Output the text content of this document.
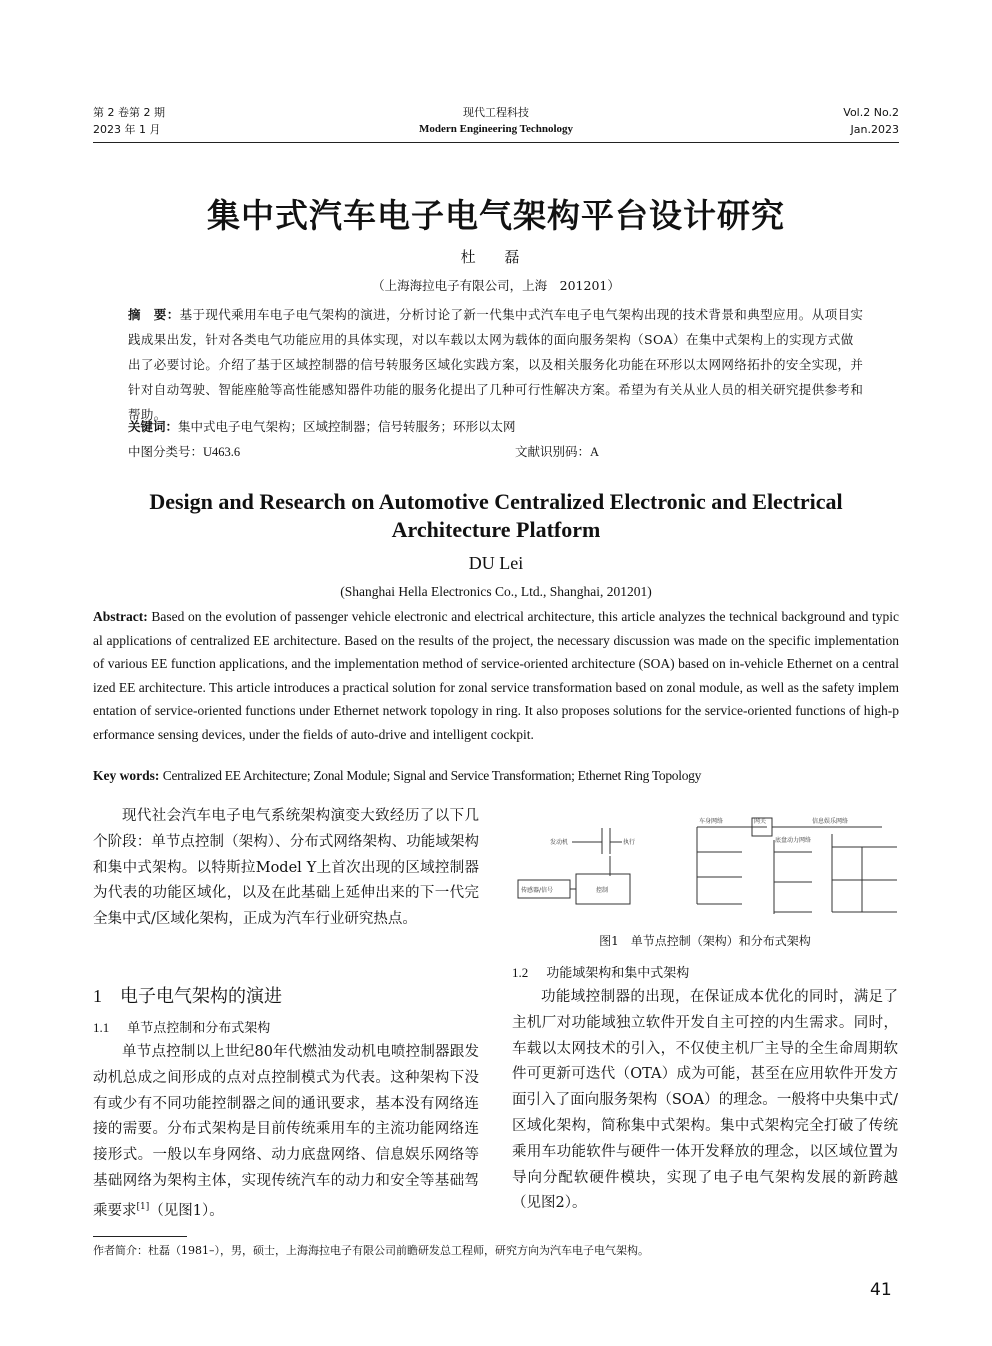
第 2 卷第 2 期
2023 年 1 月
现代工程科技
Modern Engineering Technology
Vol.2 No.2
Jan.2023
集中式汽车电子电气架构平台设计研究
杜 磊
（上海海拉电子有限公司，上海　201201）
摘　要：基于现代乘用车电子电气架构的演进，分析讨论了新一代集中式汽车电子电气架构出现的技术背景和典型应用。从项目实践成果出发，针对各类电气功能应用的具体实现，对以车载以太网为载体的面向服务架构（SOA）在集中式架构上的实现方式做出了必要讨论。介绍了基于区域控制器的信号转服务区域化实践方案，以及相关服务化功能在环形以太网网络拓扑的安全实现，并针对自动驾驶、智能座舱等高性能感知器件功能的服务化提出了几种可行性解决方案。希望为有关从业人员的相关研究提供参考和帮助。
关键词：集中式电子电气架构；区域控制器；信号转服务；环形以太网
中图分类号：U463.6	文献识别码：A
Design and Research on Automotive Centralized Electronic and Electrical Architecture Platform
DU Lei
(Shanghai Hella Electronics Co., Ltd., Shanghai, 201201)
Abstract: Based on the evolution of passenger vehicle electronic and electrical architecture, this article analyzes the technical background and typical applications of centralized EE architecture. Based on the results of the project, the necessary discussion was made on the specific implementation of various EE function applications, and the implementation method of service-oriented architecture (SOA) based on in-vehicle Ethernet on a centralized EE architecture. This article introduces a practical solution for zonal service transformation based on zonal module, as well as the safety implementation of service-oriented functions under Ethernet network topology in ring. It also proposes solutions for the service-oriented functions of high-performance sensing devices, under the fields of auto-drive and intelligent cockpit.
Key words: Centralized EE Architecture; Zonal Module; Signal and Service Transformation; Ethernet Ring Topology
现代社会汽车电子电气系统架构演变大致经历了以下几个阶段：单节点控制（架构）、分布式网络架构、功能域架构和集中式架构。以特斯拉Model Y上首次出现的区域控制器为代表的功能区域化，以及在此基础上延伸出来的下一代完全集中式/区域化架构，正成为汽车行业研究热点。
1 电子电气架构的演进
1.1 单节点控制和分布式架构
单节点控制以上世纪80年代燃油发动机电喷控制器跟发动机总成之间形成的点对点控制模式为代表。这种架构下没有或少有不同功能控制器之间的通讯要求，基本没有网络连接的需要。分布式架构是目前传统乘用车的主流功能网络连接形式。一般以车身网络、动力底盘网络、信息娱乐网络等基础网络为架构主体，实现传统汽车的动力和安全等基础驾乘要求[1]（见图1）。
发动机	执行
传感器/信号	控制
车身网络	网关	信息娱乐网络
底盘动力网络
图1　单节点控制（架构）和分布式架构
1.2 功能域架构和集中式架构
功能域控制器的出现，在保证成本优化的同时，满足了主机厂对功能域独立软件开发自主可控的内生需求。同时，车载以太网技术的引入，不仅使主机厂主导的全生命周期软件可更新可迭代（OTA）成为可能，甚至在应用软件开发方面引入了面向服务架构（SOA）的理念。一般将中央集中式/区域化架构，简称集中式架构。集中式架构完全打破了传统乘用车功能软件与硬件一体开发释放的理念，以区域位置为导向分配软硬件模块，实现了电子电气架构发展的新跨越（见图2）。
作者简介：杜磊（1981–），男，硕士，上海海拉电子有限公司前瞻研发总工程师，研究方向为汽车电子电气架构。
41
